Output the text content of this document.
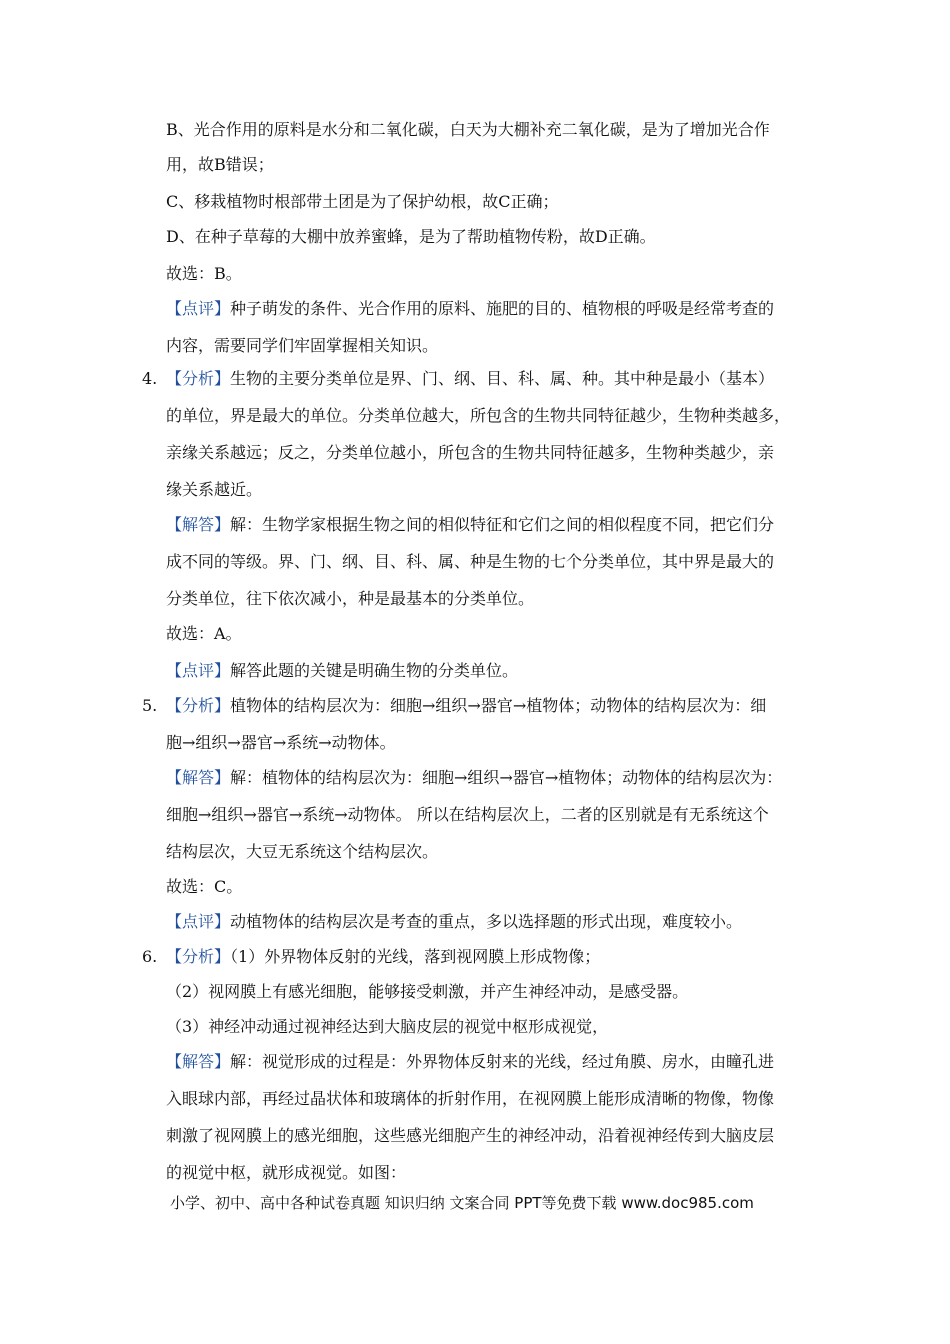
B、光合作用的原料是水分和二氧化碳，白天为大棚补充二氧化碳，是为了增加光合作
用，故B错误；
C、移栽植物时根部带土团是为了保护幼根，故C正确；
D、在种子草莓的大棚中放养蜜蜂，是为了帮助植物传粉，故D正确。
故选：B。
【点评】种子萌发的条件、光合作用的原料、施肥的目的、植物根的呼吸是经常考查的
内容，需要同学们牢固掌握相关知识。
4. 【分析】生物的主要分类单位是界、门、纲、目、科、属、种。其中种是最小（基本）
的单位，界是最大的单位。分类单位越大，所包含的生物共同特征越少，生物种类越多，
亲缘关系越远；反之，分类单位越小，所包含的生物共同特征越多，生物种类越少，亲
缘关系越近。
【解答】解：生物学家根据生物之间的相似特征和它们之间的相似程度不同，把它们分
成不同的等级。界、门、纲、目、科、属、种是生物的七个分类单位，其中界是最大的
分类单位，往下依次减小，种是最基本的分类单位。
故选：A。
【点评】解答此题的关键是明确生物的分类单位。
5. 【分析】植物体的结构层次为：细胞→组织→器官→植物体；动物体的结构层次为：细
胞→组织→器官→系统→动物体。
【解答】解：植物体的结构层次为：细胞→组织→器官→植物体；动物体的结构层次为：
细胞→组织→器官→系统→动物体。 所以在结构层次上，二者的区别就是有无系统这个
结构层次，大豆无系统这个结构层次。
故选：C。
【点评】动植物体的结构层次是考查的重点，多以选择题的形式出现，难度较小。
6. 【分析】（1）外界物体反射的光线，落到视网膜上形成物像；
（2）视网膜上有感光细胞，能够接受刺激，并产生神经冲动，是感受器。
（3）神经冲动通过视神经达到大脑皮层的视觉中枢形成视觉，
【解答】解：视觉形成的过程是：外界物体反射来的光线，经过角膜、房水，由瞳孔进
入眼球内部，再经过晶状体和玻璃体的折射作用，在视网膜上能形成清晰的物像，物像
刺激了视网膜上的感光细胞，这些感光细胞产生的神经冲动，沿着视神经传到大脑皮层
的视觉中枢，就形成视觉。如图：
小学、初中、高中各种试卷真题 知识归纳 文案合同 PPT等免费下载 www.doc985.com
